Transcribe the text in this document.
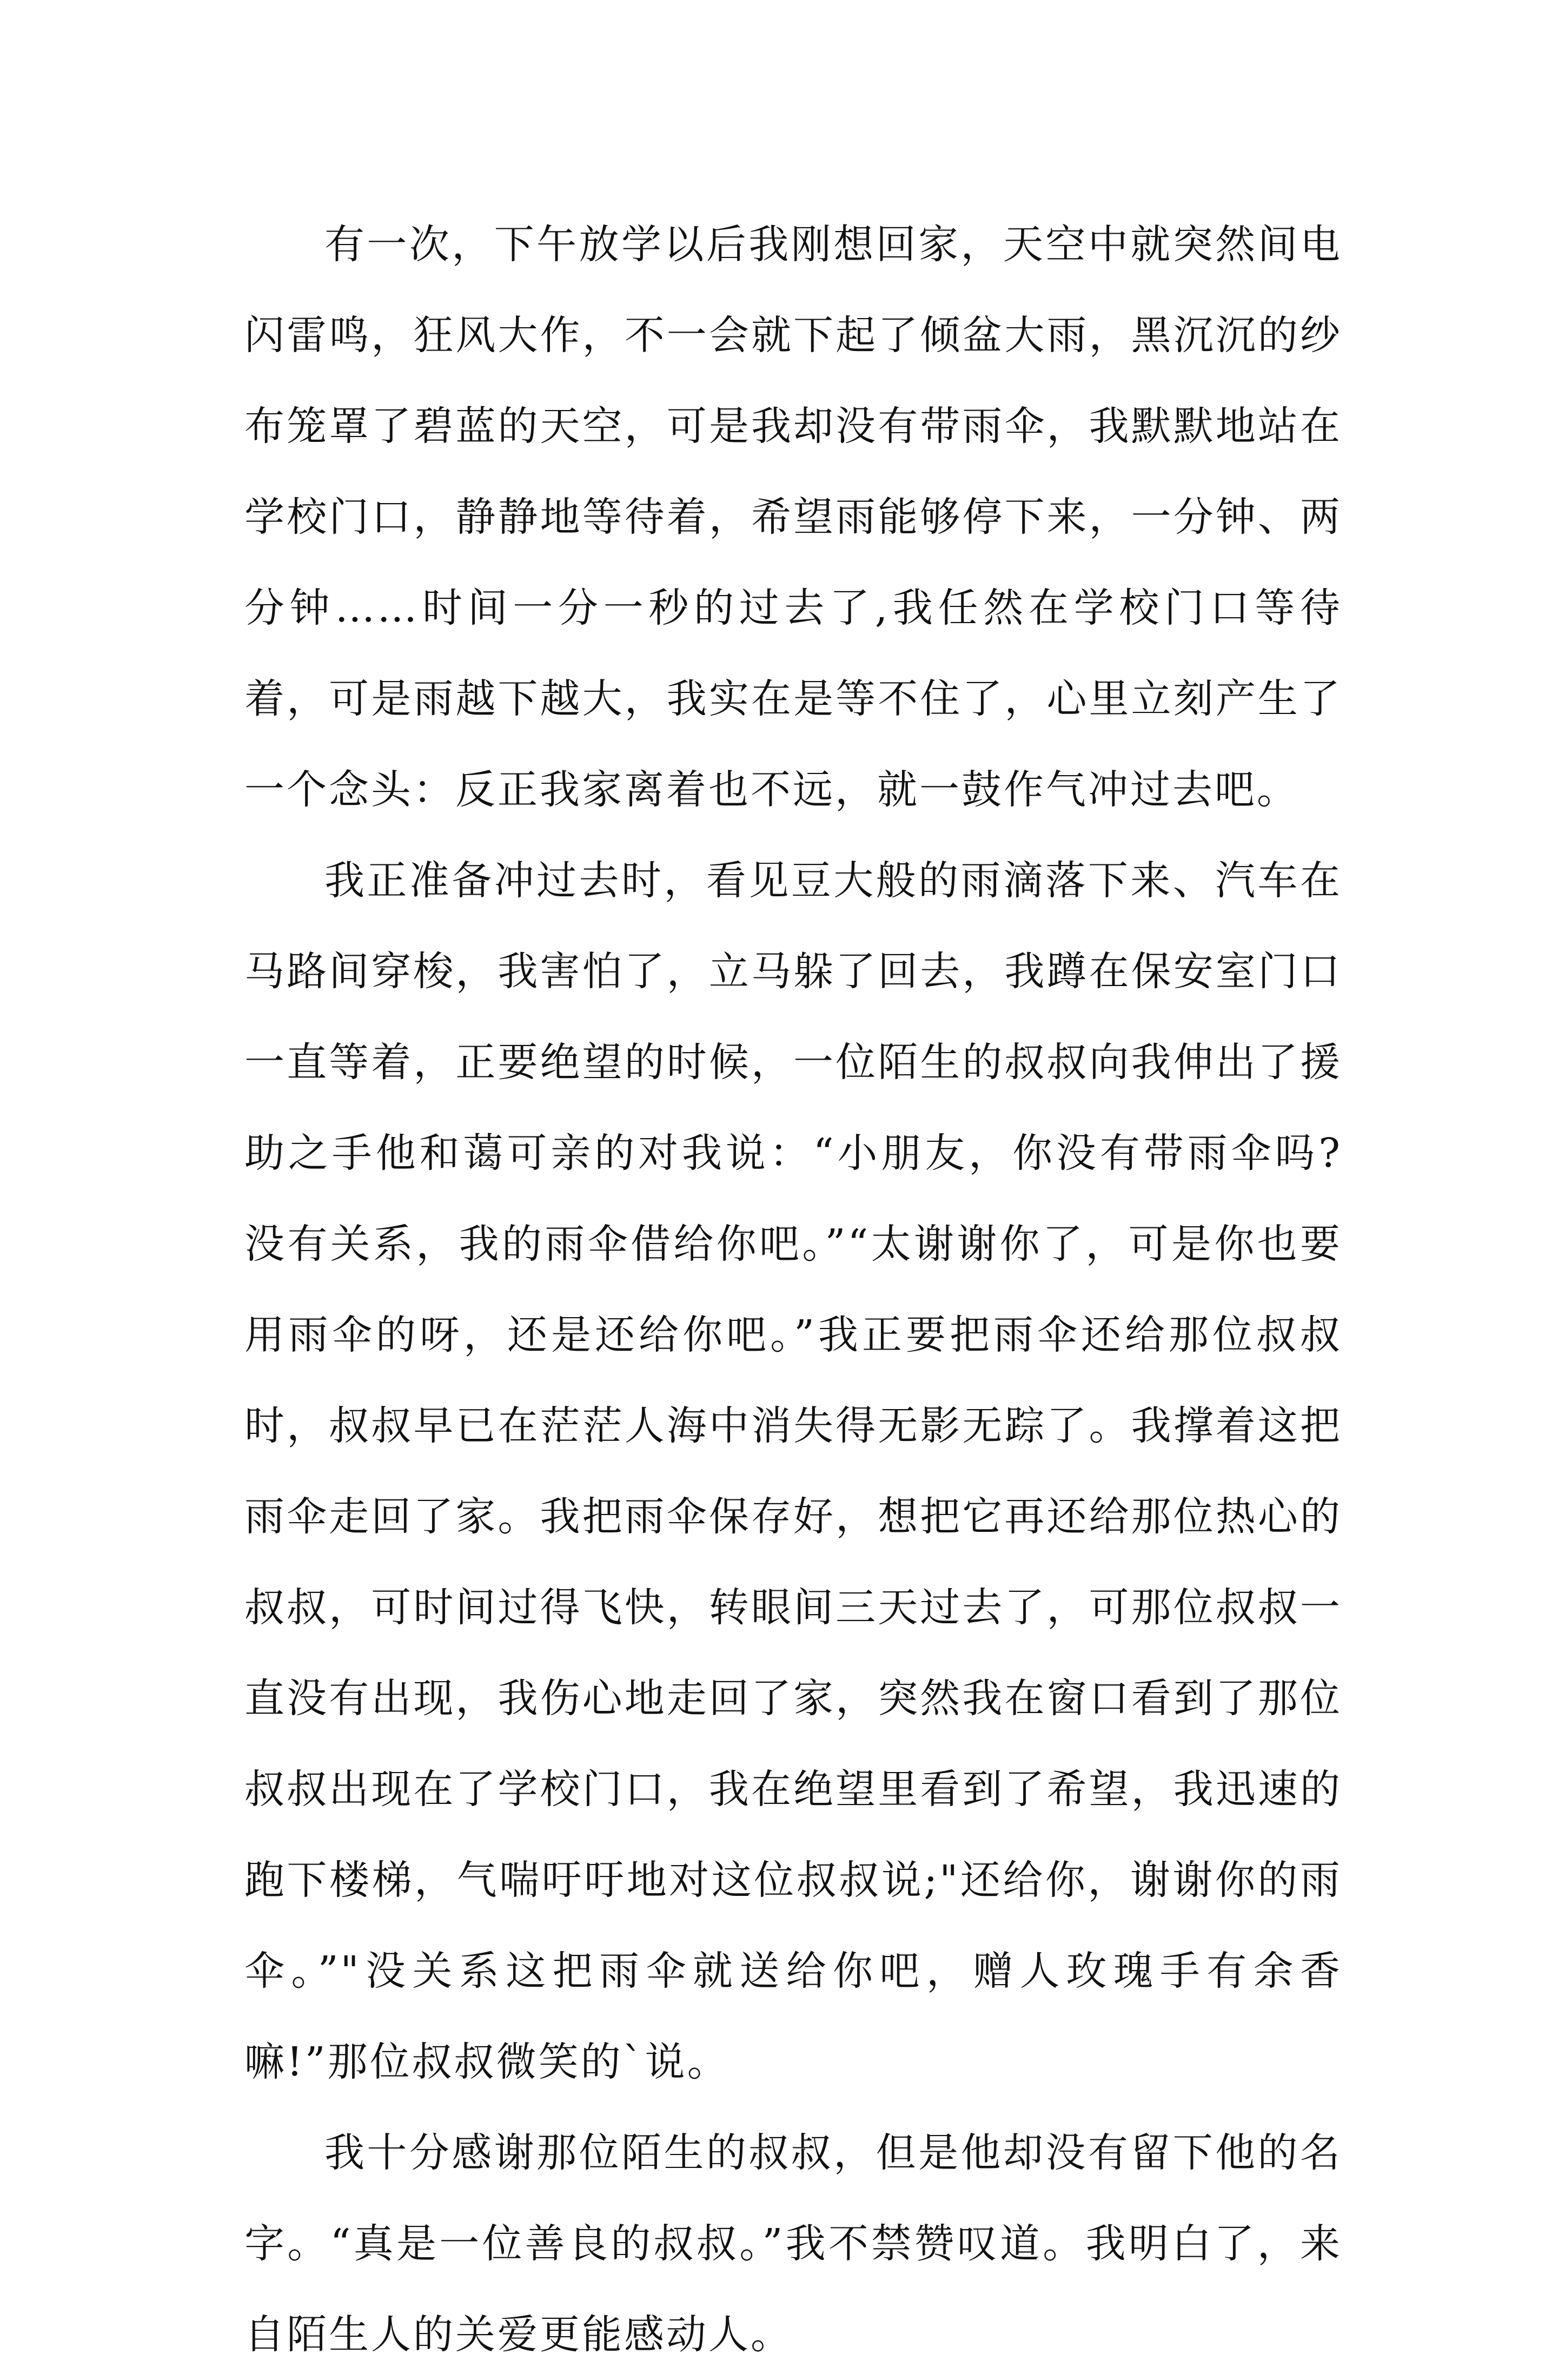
有一次，下午放学以后我刚想回家，天空中就突然间电闪雷鸣，狂风大作，不一会就下起了倾盆大雨，黑沉沉的纱布笼罩了碧蓝的天空，可是我却没有带雨伞，我默默地站在学校门口，静静地等待着，希望雨能够停下来，一分钟、两分钟……时间一分一秒的过去了,我任然在学校门口等待着，可是雨越下越大，我实在是等不住了，心里立刻产生了一个念头：反正我家离着也不远，就一鼓作气冲过去吧。

我正准备冲过去时，看见豆大般的雨滴落下来、汽车在马路间穿梭，我害怕了，立马躲了回去，我蹲在保安室门口一直等着，正要绝望的时候，一位陌生的叔叔向我伸出了援助之手他和蔼可亲的对我说：“小朋友，你没有带雨伞吗?没有关系，我的雨伞借给你吧。”“太谢谢你了，可是你也要用雨伞的呀，还是还给你吧。”我正要把雨伞还给那位叔叔时，叔叔早已在茫茫人海中消失得无影无踪了。我撑着这把雨伞走回了家。我把雨伞保存好，想把它再还给那位热心的叔叔，可时间过得飞快，转眼间三天过去了，可那位叔叔一直没有出现，我伤心地走回了家，突然我在窗口看到了那位叔叔出现在了学校门口，我在绝望里看到了希望，我迅速的跑下楼梯，气喘吁吁地对这位叔叔说;"还给你，谢谢你的雨伞。”"没关系这把雨伞就送给你吧，赠人玫瑰手有余香嘛!”那位叔叔微笑的`说。

我十分感谢那位陌生的叔叔，但是他却没有留下他的名字。“真是一位善良的叔叔。”我不禁赞叹道。我明白了，来自陌生人的关爱更能感动人。
